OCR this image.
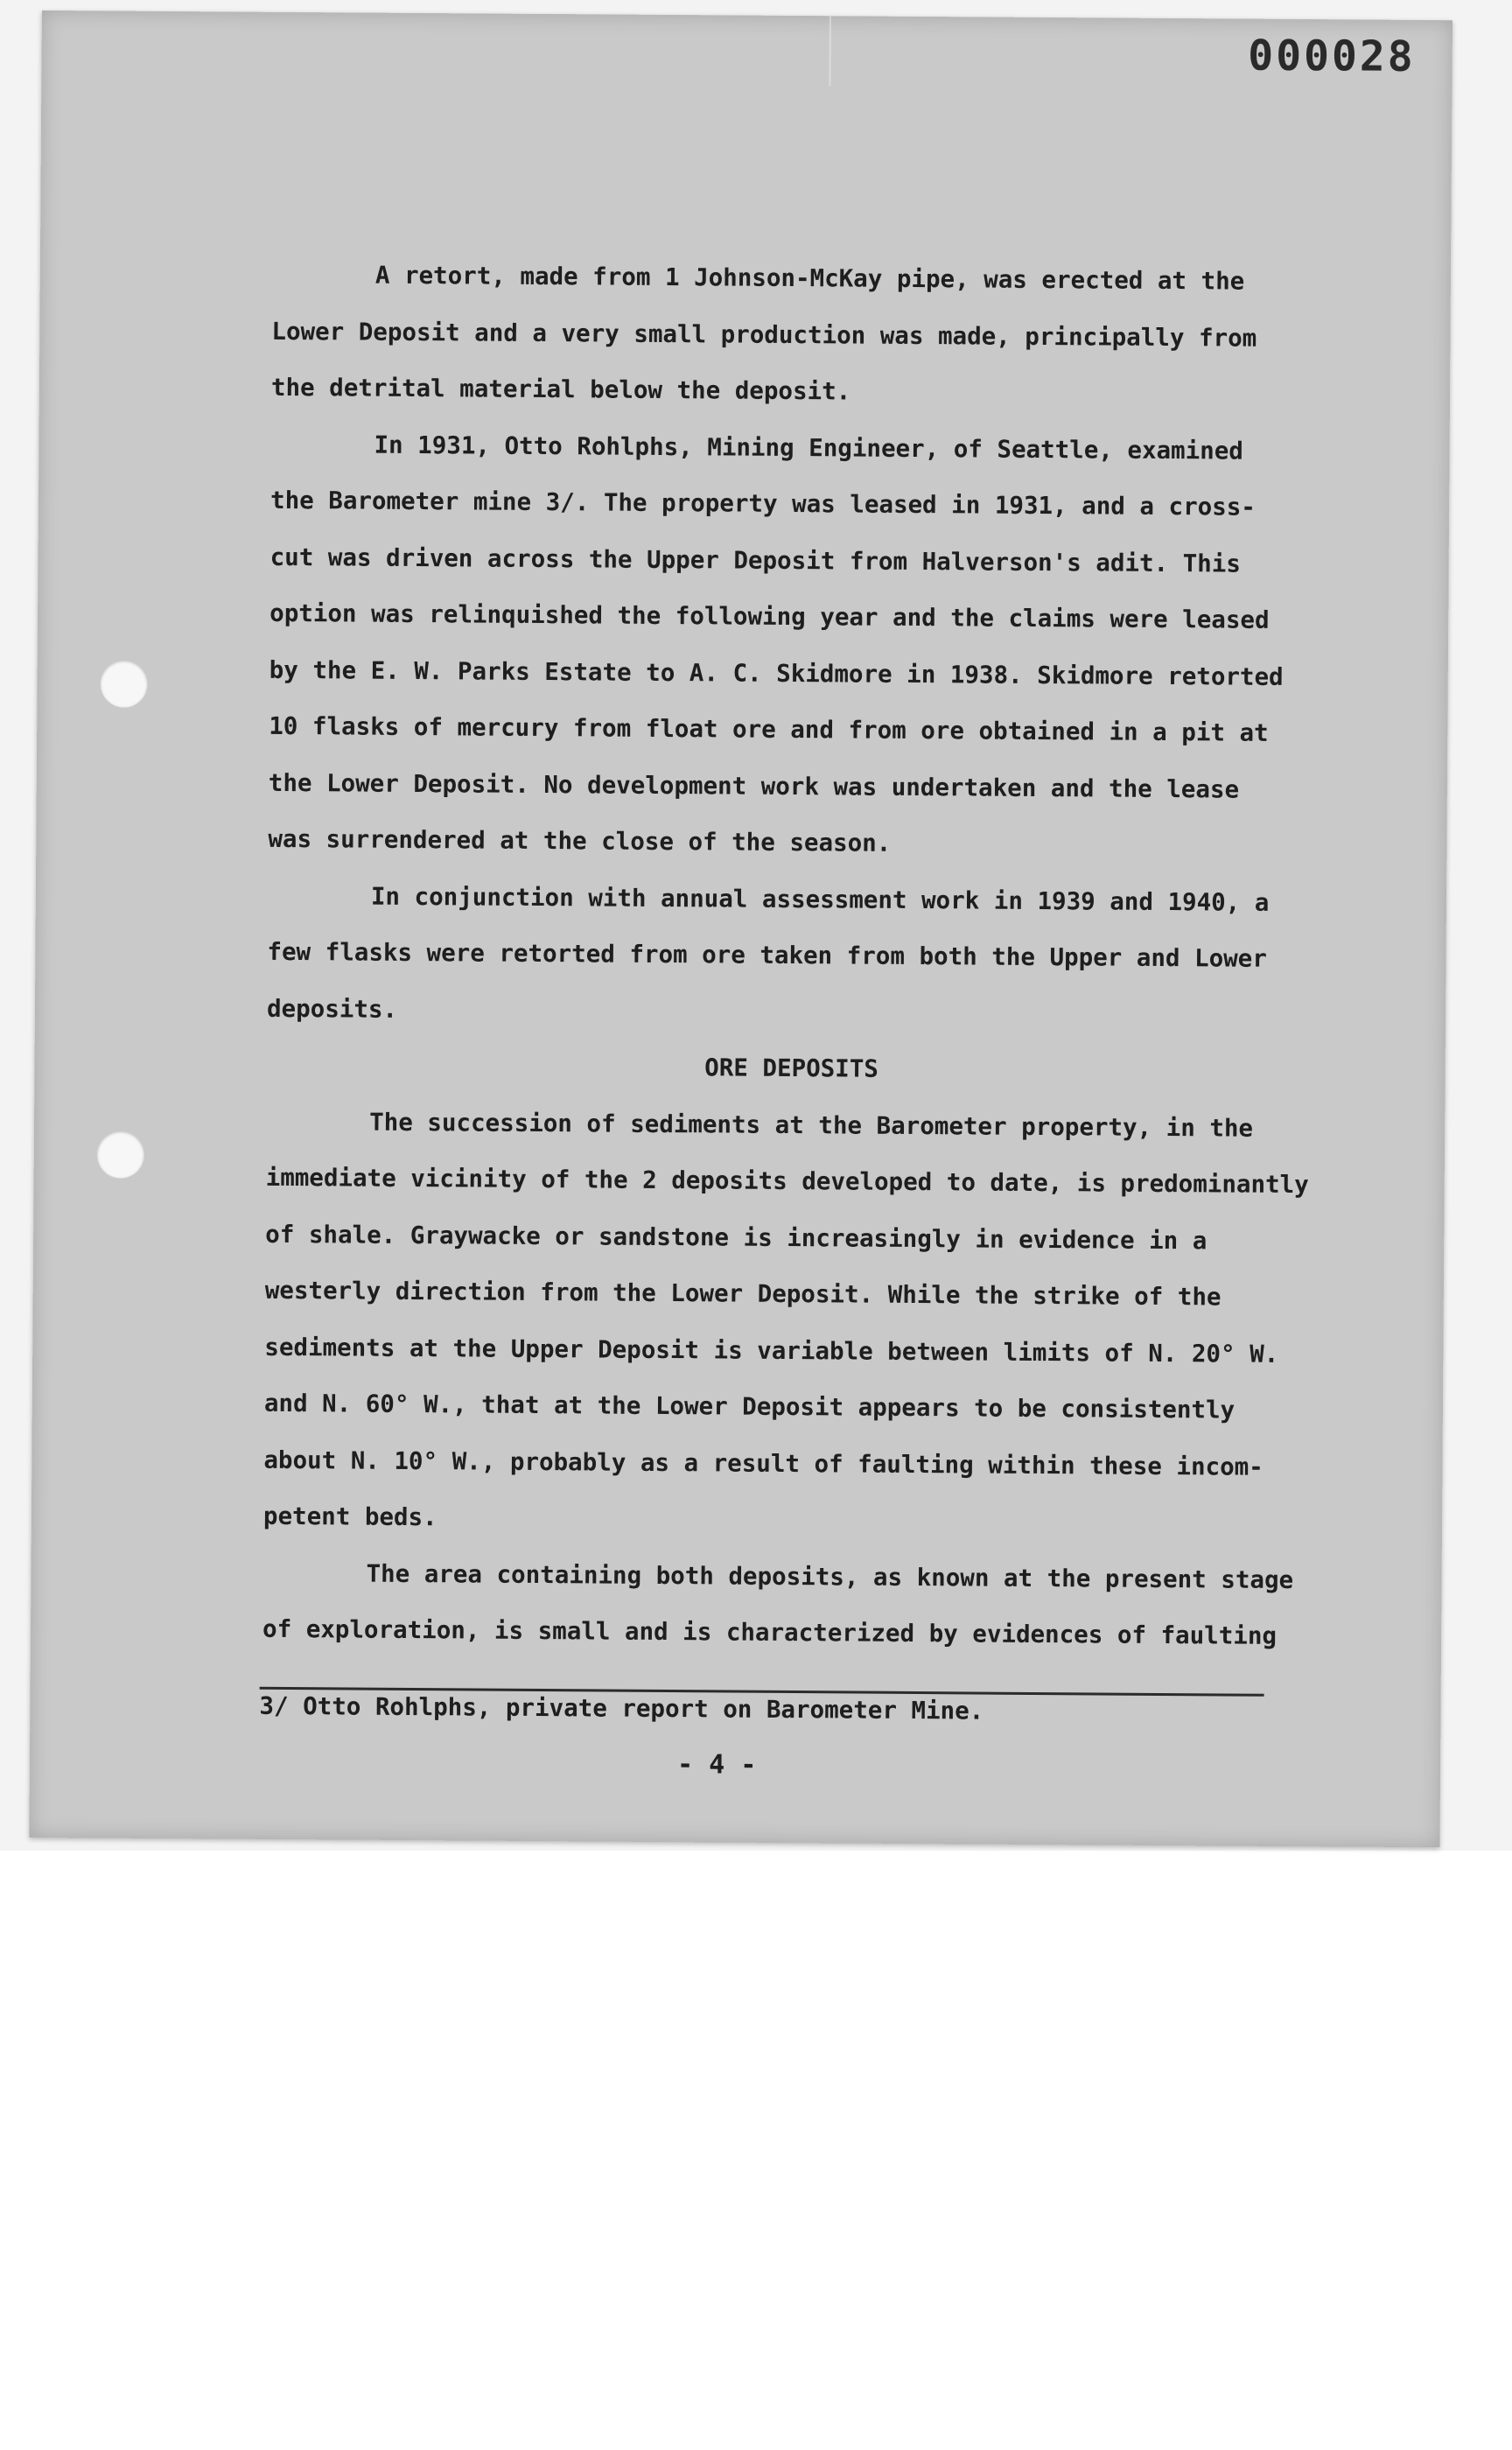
000028
A retort, made from 1 Johnson-McKay pipe, was erected at the
Lower Deposit and a very small production was made, principally from
the detrital material below the deposit.
In 1931, Otto Rohlphs, Mining Engineer, of Seattle, examined
the Barometer mine 3/. The property was leased in 1931, and a cross-
cut was driven across the Upper Deposit from Halverson's adit. This
option was relinquished the following year and the claims were leased
by the E. W. Parks Estate to A. C. Skidmore in 1938. Skidmore retorted
10 flasks of mercury from float ore and from ore obtained in a pit at
the Lower Deposit. No development work was undertaken and the lease
was surrendered at the close of the season.
In conjunction with annual assessment work in 1939 and 1940, a
few flasks were retorted from ore taken from both the Upper and Lower
deposits.
ORE DEPOSITS
The succession of sediments at the Barometer property, in the
immediate vicinity of the 2 deposits developed to date, is predominantly
of shale. Graywacke or sandstone is increasingly in evidence in a
westerly direction from the Lower Deposit. While the strike of the
sediments at the Upper Deposit is variable between limits of N. 20° W.
and N. 60° W., that at the Lower Deposit appears to be consistently
about N. 10° W., probably as a result of faulting within these incom-
petent beds.
The area containing both deposits, as known at the present stage
of exploration, is small and is characterized by evidences of faulting
3/ Otto Rohlphs, private report on Barometer Mine.
- 4 -
